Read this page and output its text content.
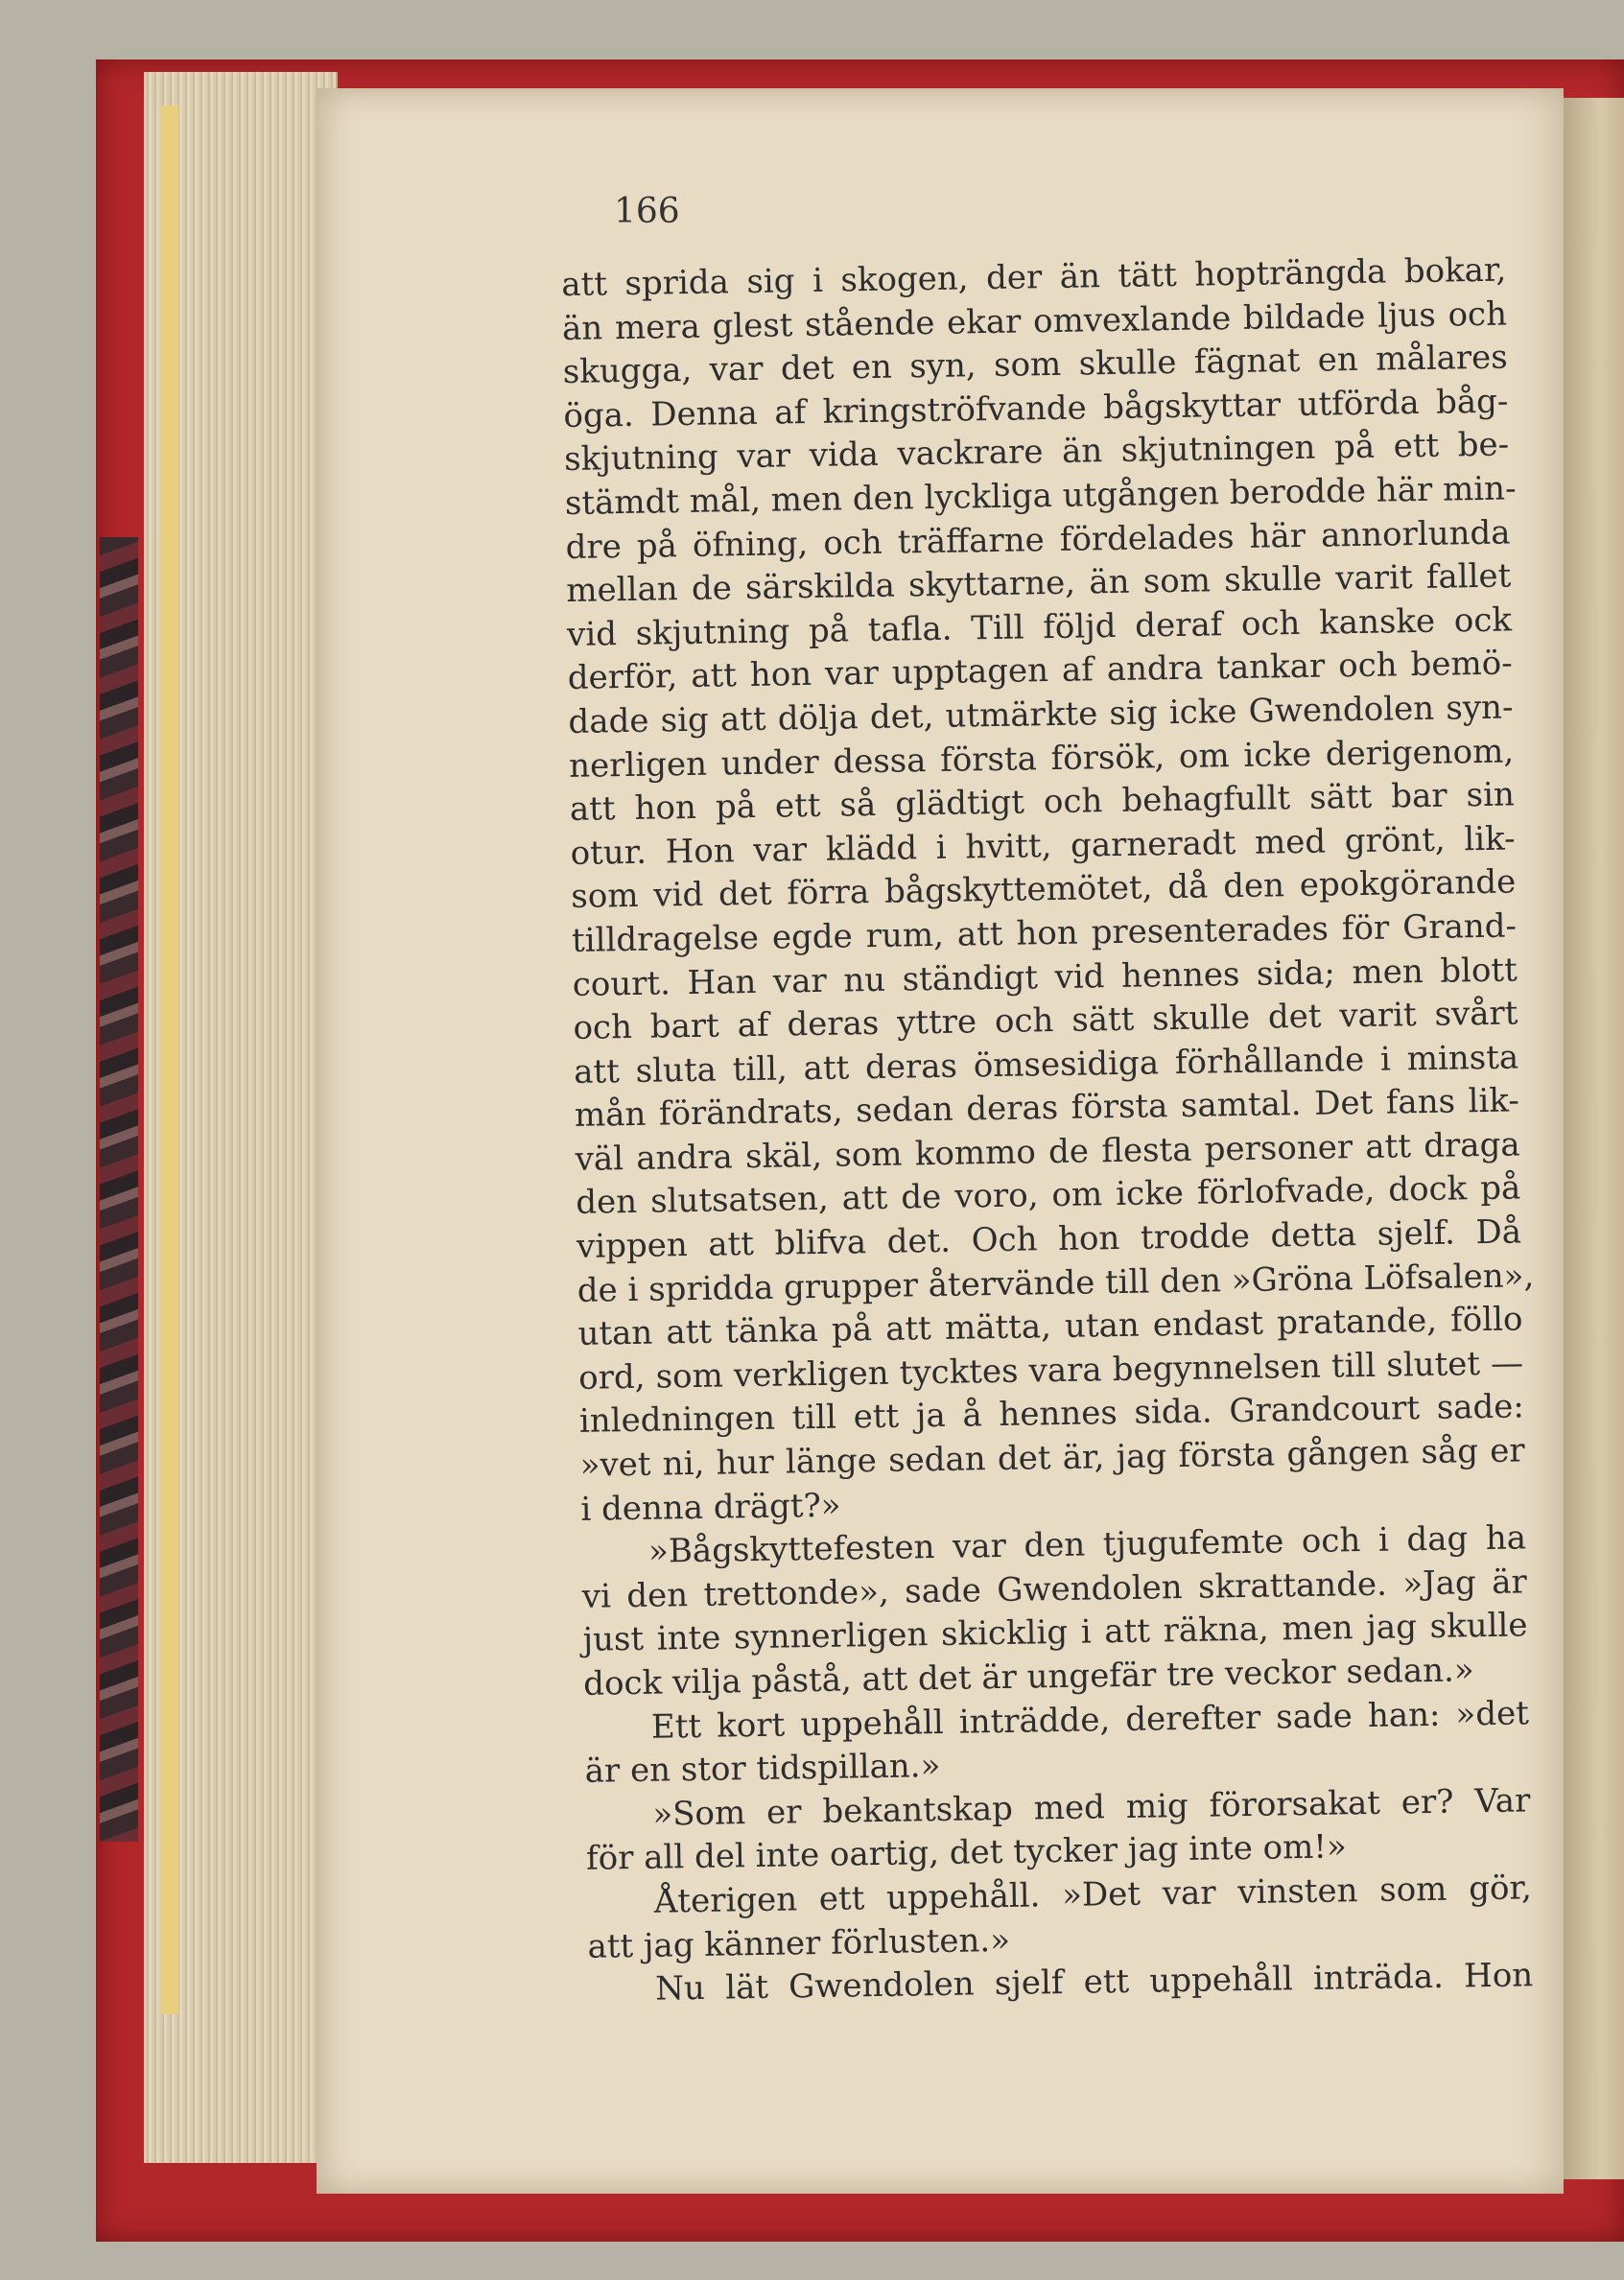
166
att sprida sig i skogen, der än tätt hopträngda bokar,
än mera glest stående ekar omvexlande bildade ljus och
skugga, var det en syn, som skulle fägnat en målares
öga. Denna af kringströfvande bågskyttar utförda båg-
skjutning var vida vackrare än skjutningen på ett be-
stämdt mål, men den lyckliga utgången berodde här min-
dre på öfning, och träffarne fördelades här annorlunda
mellan de särskilda skyttarne, än som skulle varit fallet
vid skjutning på tafla. Till följd deraf och kanske ock
derför, att hon var upptagen af andra tankar och bemö-
dade sig att dölja det, utmärkte sig icke Gwendolen syn-
nerligen under dessa första försök, om icke derigenom,
att hon på ett så glädtigt och behagfullt sätt bar sin
otur. Hon var klädd i hvitt, garneradt med grönt, lik-
som vid det förra bågskyttemötet, då den epokgörande
tilldragelse egde rum, att hon presenterades för Grand-
court. Han var nu ständigt vid hennes sida; men blott
och bart af deras yttre och sätt skulle det varit svårt
att sluta till, att deras ömsesidiga förhållande i minsta
mån förändrats, sedan deras första samtal. Det fans lik-
väl andra skäl, som kommo de flesta personer att draga
den slutsatsen, att de voro, om icke förlofvade, dock på
vippen att blifva det. Och hon trodde detta sjelf. Då
de i spridda grupper återvände till den »Gröna Löfsalen»,
utan att tänka på att mätta, utan endast pratande, föllo
ord, som verkligen tycktes vara begynnelsen till slutet —
inledningen till ett ja å hennes sida. Grandcourt sade:
»vet ni, hur länge sedan det är, jag första gången såg er
i denna drägt?»
»Bågskyttefesten var den tjugufemte och i dag ha
vi den trettonde», sade Gwendolen skrattande. »Jag är
just inte synnerligen skicklig i att räkna, men jag skulle
dock vilja påstå, att det är ungefär tre veckor sedan.»
Ett kort uppehåll inträdde, derefter sade han: »det
är en stor tidspillan.»
»Som er bekantskap med mig förorsakat er? Var
för all del inte oartig, det tycker jag inte om!»
Återigen ett uppehåll. »Det var vinsten som gör,
att jag känner förlusten.»
Nu lät Gwendolen sjelf ett uppehåll inträda. Hon
